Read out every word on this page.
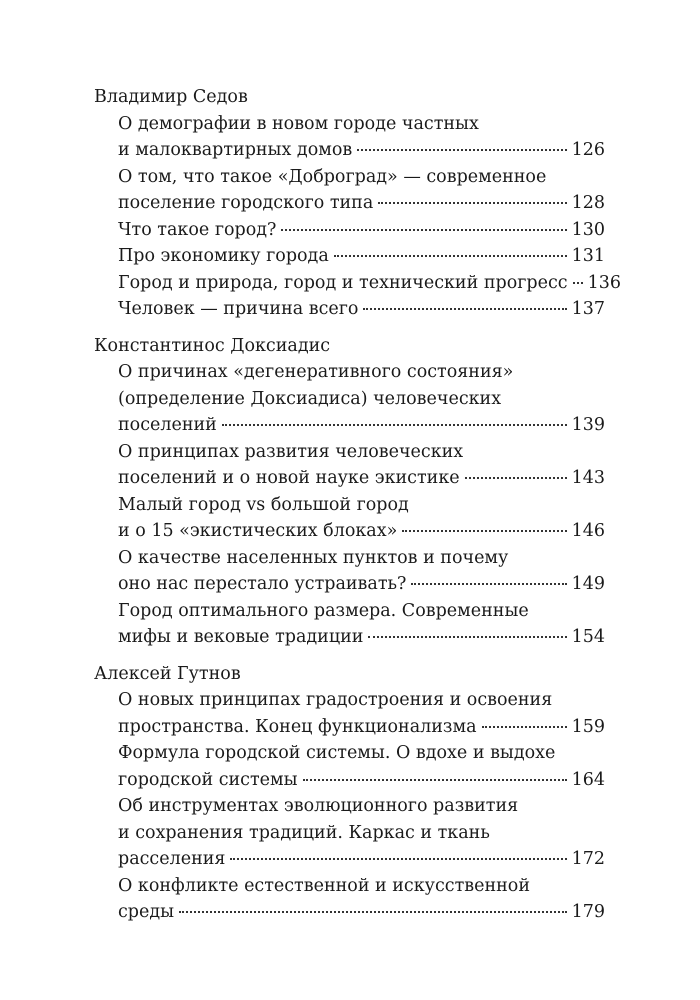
Владимир Седов
О демографии в новом городе частных
и малоквартирных домов	126
О том, что такое «Доброград» — современное
поселение городского типа	128
Что такое город?	130
Про экономику города	131
Город и природа, город и технический прогресс 136
Человек — причина всего	137
Константинос Доксиадис
О причинах «дегенеративного состояния»
(определение Доксиадиса) человеческих
поселений	139
О принципах развития человеческих
поселений и о новой науке экистике	143
Малый город vs большой город
и о 15 «экистических блоках»	146
О качестве населенных пунктов и почему
оно нас перестало устраивать?	149
Город оптимального размера. Современные
мифы и вековые традиции	154
Алексей Гутнов
О новых принципах градостроения и освоения
пространства. Конец функционализма	159
Формула городской системы. О вдохе и выдохе
городской системы	164
Об инструментах эволюционного развития
и сохранения традиций. Каркас и ткань
расселения	172
О конфликте естественной и искусственной
среды	179
